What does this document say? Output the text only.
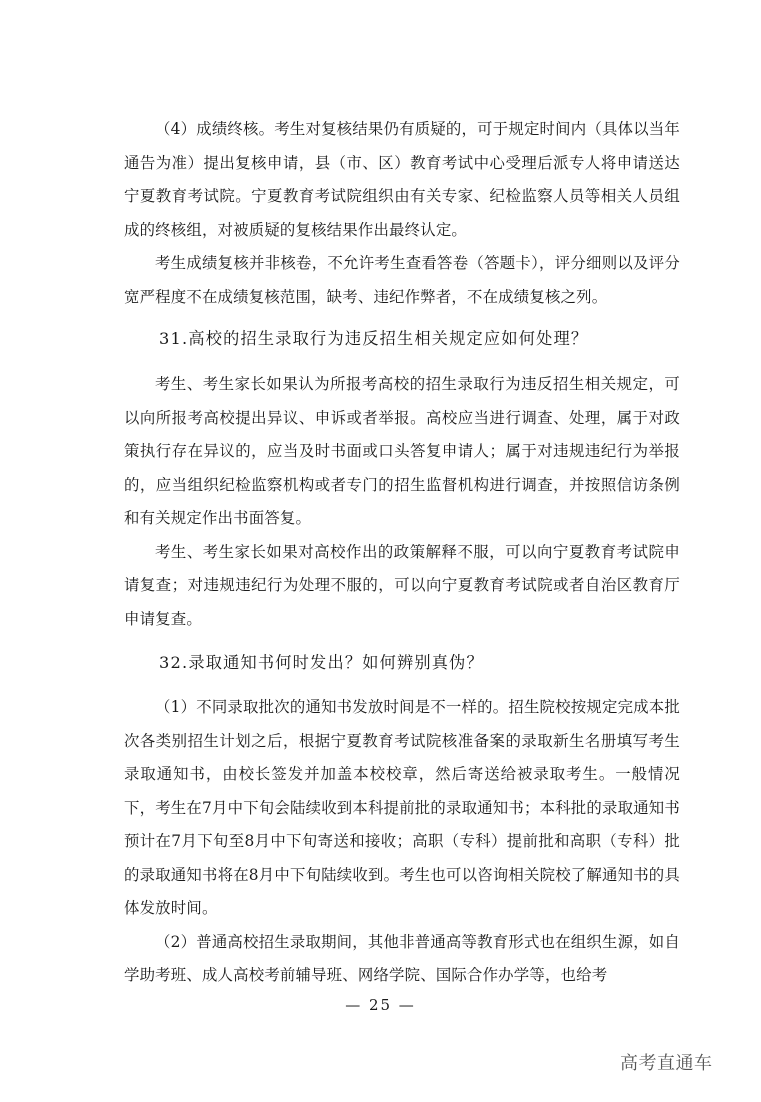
（4）成绩终核。考生对复核结果仍有质疑的，可于规定时间内（具体以当年通告为准）提出复核申请，县（市、区）教育考试中心受理后派专人将申请送达宁夏教育考试院。宁夏教育考试院组织由有关专家、纪检监察人员等相关人员组成的终核组，对被质疑的复核结果作出最终认定。

考生成绩复核并非核卷，不允许考生查看答卷（答题卡），评分细则以及评分宽严程度不在成绩复核范围，缺考、违纪作弊者，不在成绩复核之列。

31.高校的招生录取行为违反招生相关规定应如何处理？

考生、考生家长如果认为所报考高校的招生录取行为违反招生相关规定，可以向所报考高校提出异议、申诉或者举报。高校应当进行调查、处理，属于对政策执行存在异议的，应当及时书面或口头答复申请人；属于对违规违纪行为举报的，应当组织纪检监察机构或者专门的招生监督机构进行调查，并按照信访条例和有关规定作出书面答复。

考生、考生家长如果对高校作出的政策解释不服，可以向宁夏教育考试院申请复查；对违规违纪行为处理不服的，可以向宁夏教育考试院或者自治区教育厅申请复查。

32.录取通知书何时发出？如何辨别真伪？

（1）不同录取批次的通知书发放时间是不一样的。招生院校按规定完成本批次各类别招生计划之后，根据宁夏教育考试院核准备案的录取新生名册填写考生录取通知书，由校长签发并加盖本校校章，然后寄送给被录取考生。一般情况下，考生在7月中下旬会陆续收到本科提前批的录取通知书；本科批的录取通知书预计在7月下旬至8月中下旬寄送和接收；高职（专科）提前批和高职（专科）批的录取通知书将在8月中下旬陆续收到。考生也可以咨询相关院校了解通知书的具体发放时间。

（2）普通高校招生录取期间，其他非普通高等教育形式也在组织生源，如自学助考班、成人高校考前辅导班、网络学院、国际合作办学等，也给考

— 25 —
高考直通车
